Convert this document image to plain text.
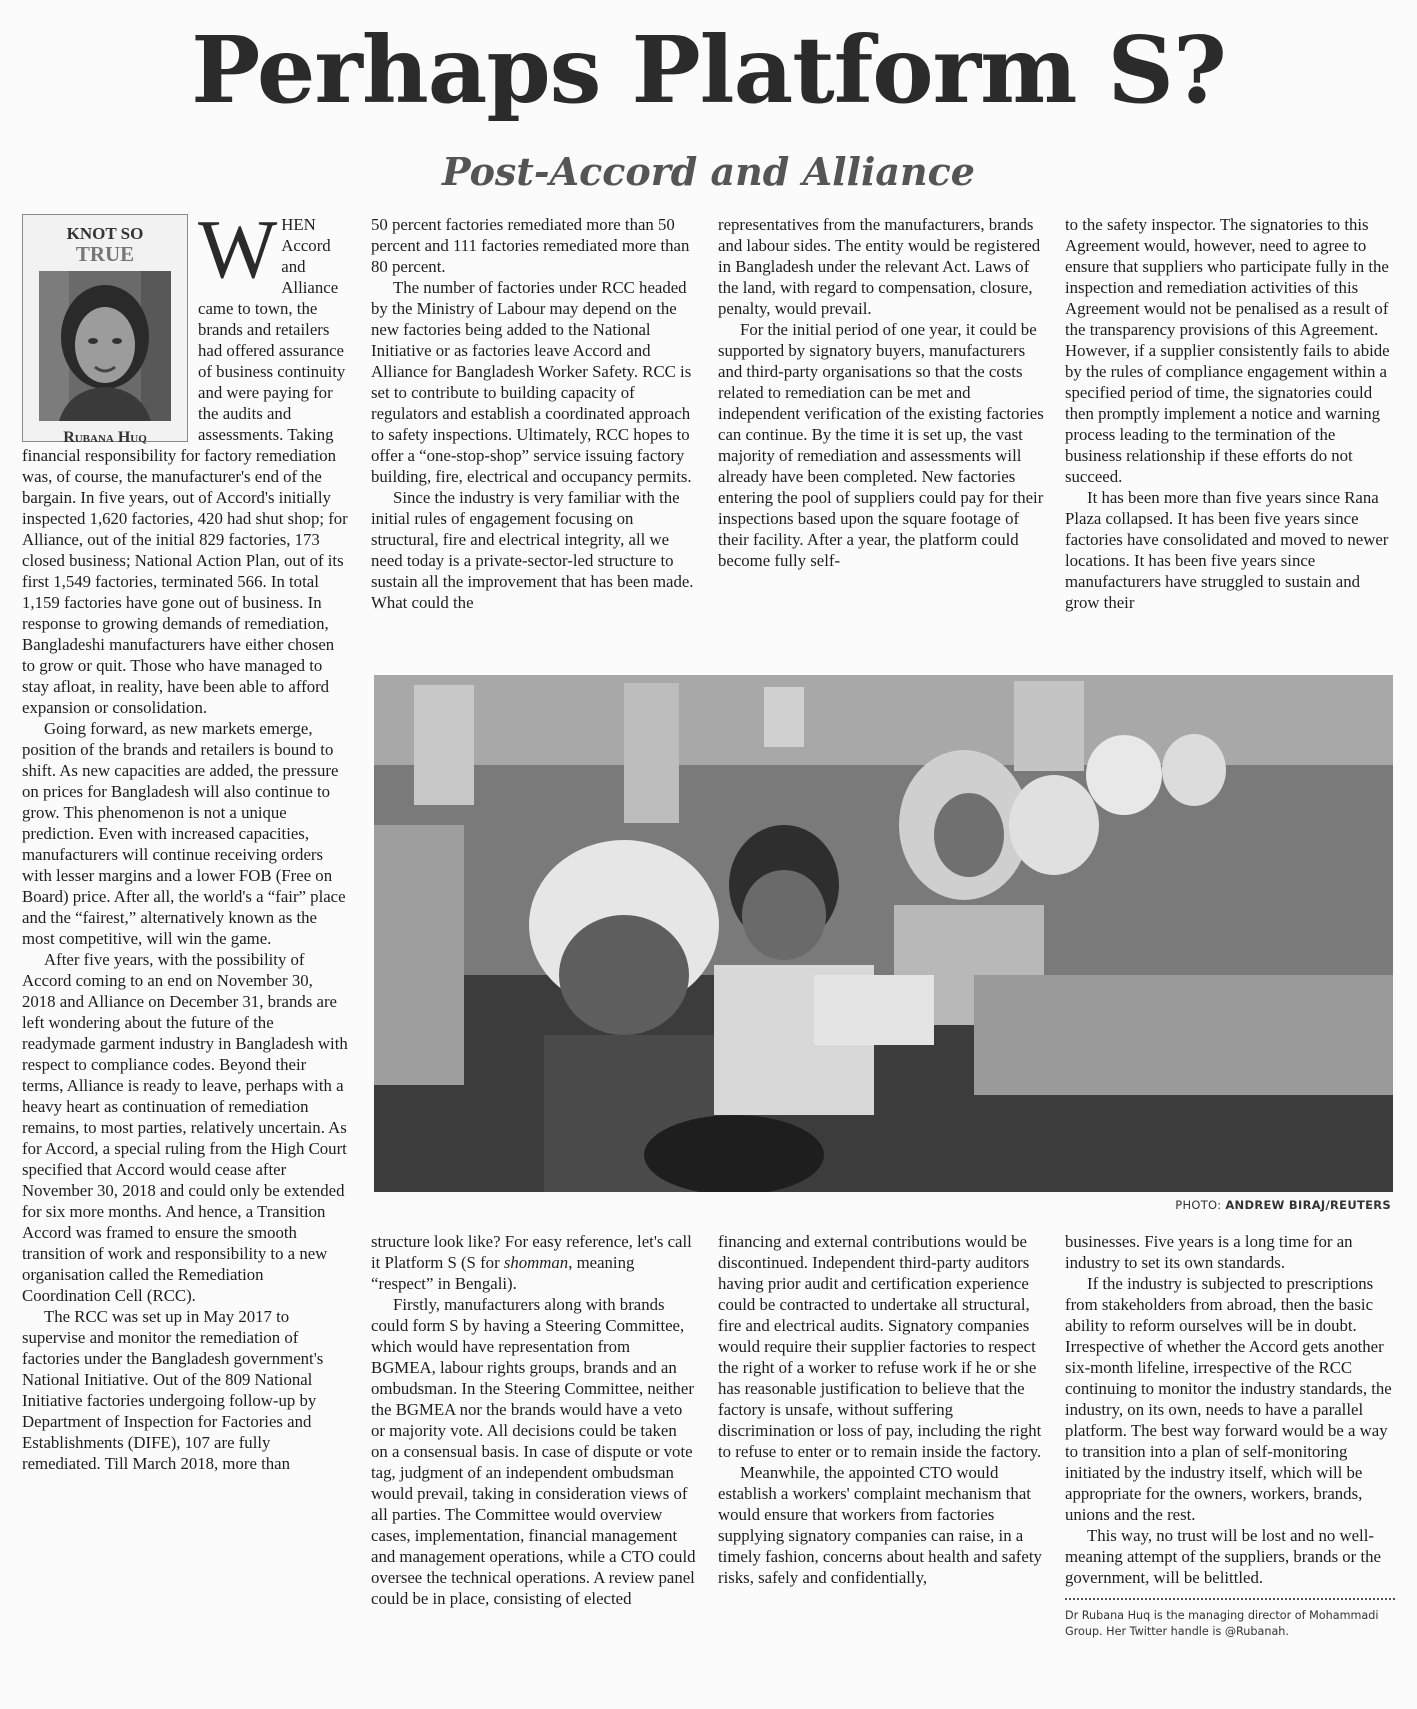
Perhaps Platform S?
Post-Accord and Alliance
KNOT SO
TRUE
Rubana Huq

WHEN Accord and Alliance came to town, the brands and retailers had offered assurance of business continuity and were paying for the audits and assessments. Taking financial responsibility for factory remediation was, of course, the manufacturer's end of the bargain. In five years, out of Accord's initially inspected 1,620 factories, 420 had shut shop; for Alliance, out of the initial 829 factories, 173 closed business; National Action Plan, out of its first 1,549 factories, terminated 566. In total 1,159 factories have gone out of business. In response to growing demands of remediation, Bangladeshi manufacturers have either chosen to grow or quit. Those who have managed to stay afloat, in reality, have been able to afford expansion or consolidation.

Going forward, as new markets emerge, position of the brands and retailers is bound to shift. As new capacities are added, the pressure on prices for Bangladesh will also continue to grow. This phenomenon is not a unique prediction. Even with increased capacities, manufacturers will continue receiving orders with lesser margins and a lower FOB (Free on Board) price. After all, the world's a “fair” place and the “fairest,” alternatively known as the most competitive, will win the game.

After five years, with the possibility of Accord coming to an end on November 30, 2018 and Alliance on December 31, brands are left wondering about the future of the readymade garment industry in Bangladesh with respect to compliance codes. Beyond their terms, Alliance is ready to leave, perhaps with a heavy heart as continuation of remediation remains, to most parties, relatively uncertain. As for Accord, a special ruling from the High Court specified that Accord would cease after November 30, 2018 and could only be extended for six more months. And hence, a Transition Accord was framed to ensure the smooth transition of work and responsibility to a new organisation called the Remediation Coordination Cell (RCC).

The RCC was set up in May 2017 to supervise and monitor the remediation of factories under the Bangladesh government's National Initiative. Out of the 809 National Initiative factories undergoing follow-up by Department of Inspection for Factories and Establishments (DIFE), 107 are fully remediated. Till March 2018, more than

50 percent factories remediated more than 50 percent and 111 factories remediated more than 80 percent.

The number of factories under RCC headed by the Ministry of Labour may depend on the new factories being added to the National Initiative or as factories leave Accord and Alliance for Bangladesh Worker Safety. RCC is set to contribute to building capacity of regulators and establish a coordinated approach to safety inspections. Ultimately, RCC hopes to offer a “one-stop-shop” service issuing factory building, fire, electrical and occupancy permits.

Since the industry is very familiar with the initial rules of engagement focusing on structural, fire and electrical integrity, all we need today is a private-sector-led structure to sustain all the improvement that has been made. What could the

representatives from the manufacturers, brands and labour sides. The entity would be registered in Bangladesh under the relevant Act. Laws of the land, with regard to compensation, closure, penalty, would prevail.

For the initial period of one year, it could be supported by signatory buyers, manufacturers and third-party organisations so that the costs related to remediation can be met and independent verification of the existing factories can continue. By the time it is set up, the vast majority of remediation and assessments will already have been completed. New factories entering the pool of suppliers could pay for their inspections based upon the square footage of their facility. After a year, the platform could become fully self-

to the safety inspector. The signatories to this Agreement would, however, need to agree to ensure that suppliers who participate fully in the inspection and remediation activities of this Agreement would not be penalised as a result of the transparency provisions of this Agreement. However, if a supplier consistently fails to abide by the rules of compliance engagement within a specified period of time, the signatories could then promptly implement a notice and warning process leading to the termination of the business relationship if these efforts do not succeed.

It has been more than five years since Rana Plaza collapsed. It has been five years since factories have consolidated and moved to newer locations. It has been five years since manufacturers have struggled to sustain and grow their

PHOTO: ANDREW BIRAJ/REUTERS

structure look like? For easy reference, let's call it Platform S (S for shomman, meaning “respect” in Bengali).

Firstly, manufacturers along with brands could form S by having a Steering Committee, which would have representation from BGMEA, labour rights groups, brands and an ombudsman. In the Steering Committee, neither the BGMEA nor the brands would have a veto or majority vote. All decisions could be taken on a consensual basis. In case of dispute or vote tag, judgment of an independent ombudsman would prevail, taking in consideration views of all parties. The Committee would overview cases, implementation, financial management and management operations, while a CTO could oversee the technical operations. A review panel could be in place, consisting of elected

financing and external contributions would be discontinued. Independent third-party auditors having prior audit and certification experience could be contracted to undertake all structural, fire and electrical audits. Signatory companies would require their supplier factories to respect the right of a worker to refuse work if he or she has reasonable justification to believe that the factory is unsafe, without suffering discrimination or loss of pay, including the right to refuse to enter or to remain inside the factory.

Meanwhile, the appointed CTO would establish a workers' complaint mechanism that would ensure that workers from factories supplying signatory companies can raise, in a timely fashion, concerns about health and safety risks, safely and confidentially,

businesses. Five years is a long time for an industry to set its own standards.

If the industry is subjected to prescriptions from stakeholders from abroad, then the basic ability to reform ourselves will be in doubt. Irrespective of whether the Accord gets another six-month lifeline, irrespective of the RCC continuing to monitor the industry standards, the industry, on its own, needs to have a parallel platform. The best way forward would be a way to transition into a plan of self-monitoring initiated by the industry itself, which will be appropriate for the owners, workers, brands, unions and the rest.

This way, no trust will be lost and no well-meaning attempt of the suppliers, brands or the government, will be belittled.

Dr Rubana Huq is the managing director of Mohammadi Group. Her Twitter handle is @Rubanah.
